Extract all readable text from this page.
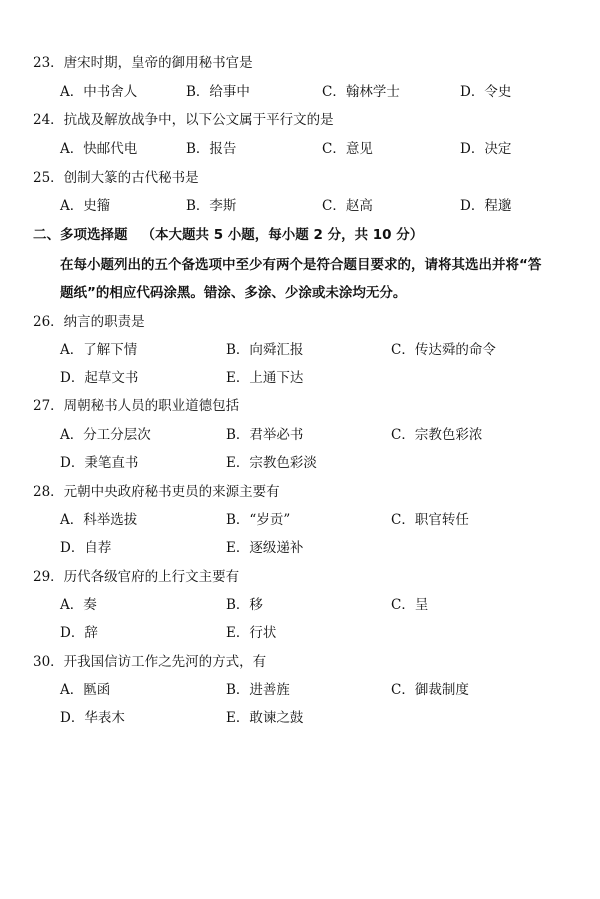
23．唐宋时期，皇帝的御用秘书官是
A．中书舍人	B．给事中	C．翰林学士	D．令史
24．抗战及解放战争中，以下公文属于平行文的是
A．快邮代电	B．报告	C．意见	D．决定
25．创制大篆的古代秘书是
A．史籀	B．李斯	C．赵高	D．程邈
二、多项选择题 （本大题共 5 小题，每小题 2 分，共 10 分）
在每小题列出的五个备选项中至少有两个是符合题目要求的，请将其选出并将“答
题纸”的相应代码涂黑。错涂、多涂、少涂或未涂均无分。
26．纳言的职责是
A．了解下情	B．向舜汇报	C．传达舜的命令
D．起草文书	E．上通下达
27．周朝秘书人员的职业道德包括
A．分工分层次	B．君举必书	C．宗教色彩浓
D．秉笔直书	E．宗教色彩淡
28．元朝中央政府秘书吏员的来源主要有
A．科举选拔	B．“岁贡”	C．职官转任
D．自荐	E．逐级递补
29．历代各级官府的上行文主要有
A．奏	B．移	C．呈
D．辞	E．行状
30．开我国信访工作之先河的方式，有
A．匦函	B．进善旌	C．御裁制度
D．华表木	E．敢谏之鼓
